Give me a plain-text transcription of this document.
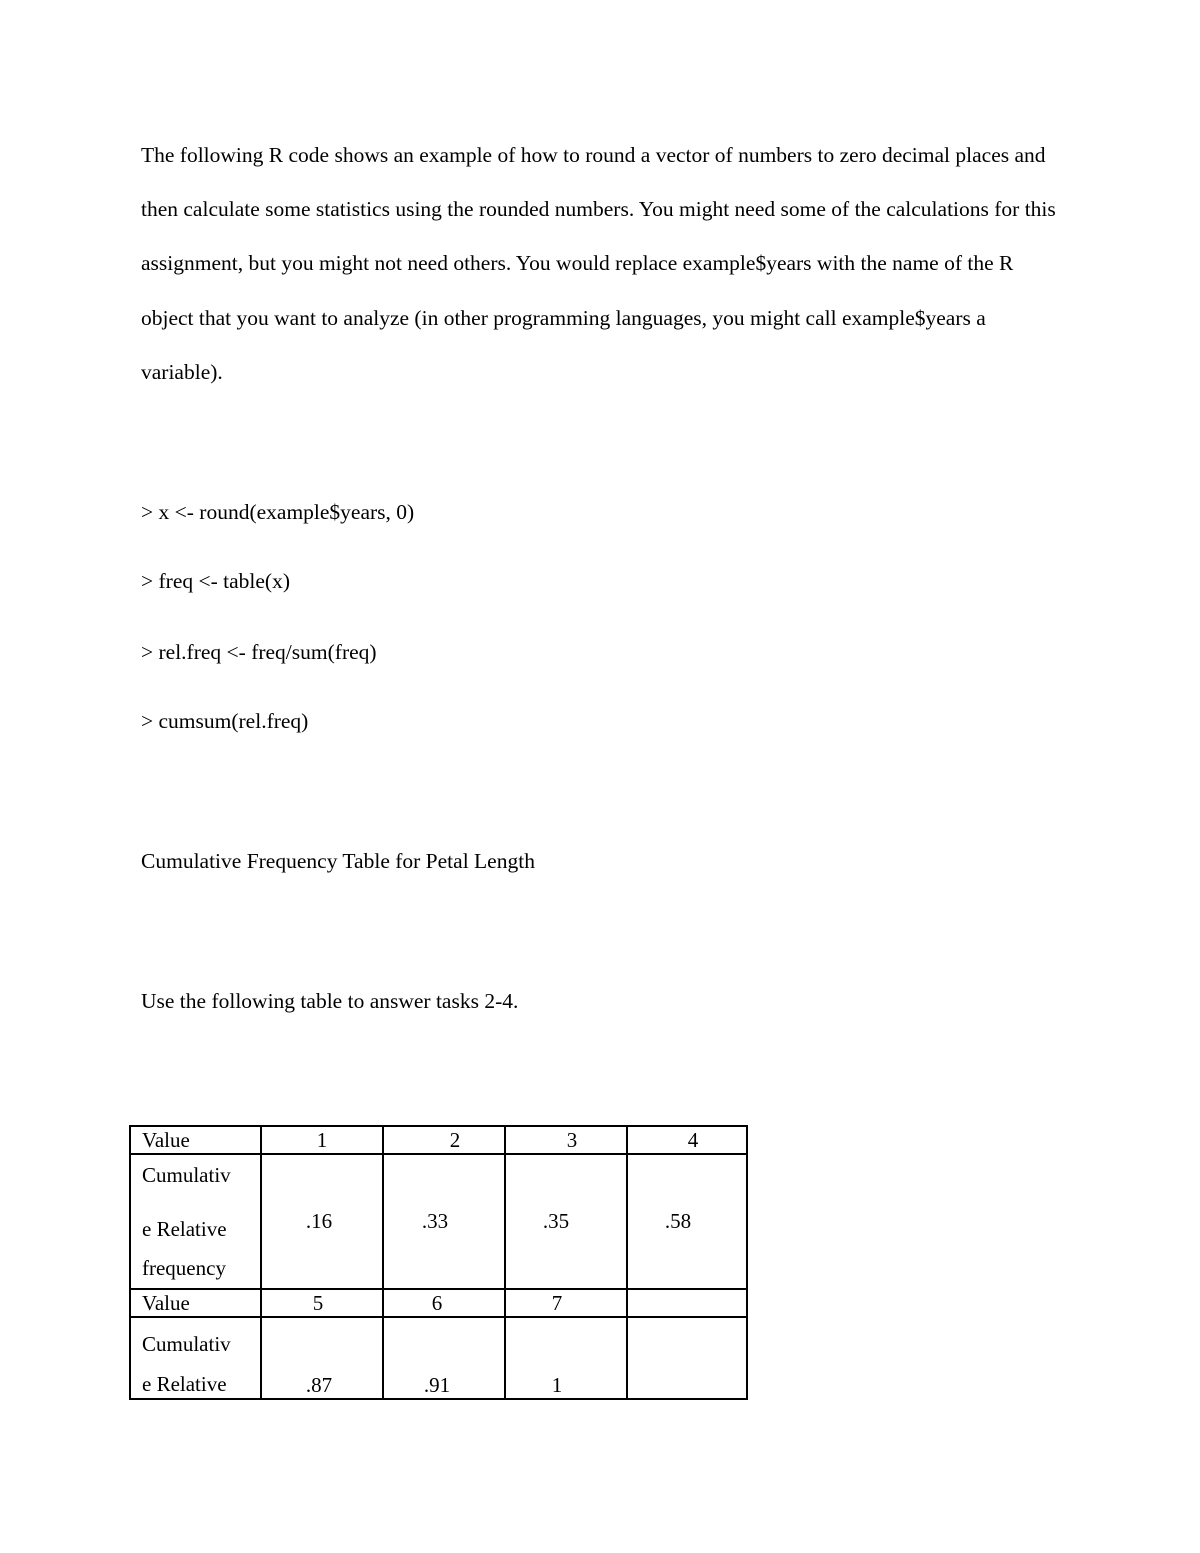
The following R code shows an example of how to round a vector of numbers to zero decimal places and then calculate some statistics using the rounded numbers. You might need some of the calculations for this assignment, but you might not need others. You would replace example$years with the name of the R object that you want to analyze (in other programming languages, you might call example$years a variable).

> x <- round(example$years, 0)

> freq <- table(x)

> rel.freq <- freq/sum(freq)

> cumsum(rel.freq)

Cumulative Frequency Table for Petal Length

Use the following table to answer tasks 2-4.

Value	1	2	3	4

Cumulativ
e Relative
frequency	.16	.33	.35	.58
Value	5	6	7	

Cumulativ
e Relative	.87	.91	1	
